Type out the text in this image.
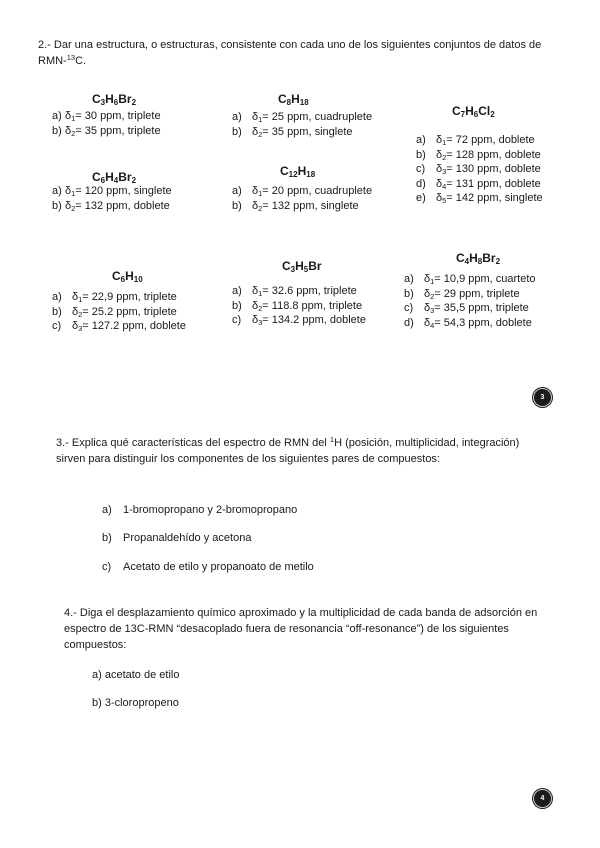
2.- Dar una estructura, o estructuras, consistente con cada uno de los siguientes conjuntos de datos de
RMN-$^{13}$C.
$C_3H_6Br_2$
a) $\delta_1= 30$ ppm, triplete
b) $\delta_2= 35$ ppm, triplete
$C_8H_{18}$
a) $\delta_1= 25$ ppm, cuadruplete
b) $\delta_2= 35$ ppm, singlete
$C_7H_6Cl_2$
a) $\delta_1= 72$ ppm, doblete
b) $\delta_2= 128$ ppm, doblete
c) $\delta_3= 130$ ppm, doblete
d) $\delta_4= 131$ ppm, doblete
e) $\delta_5= 142$ ppm, singlete
$C_6H_4Br_2$
a) $\delta_1= 120$ ppm, singlete
b) $\delta_2= 132$ ppm, doblete
$C_{12}H_{18}$
a) $\delta_1= 20$ ppm, cuadruplete
b) $\delta_2= 132$ ppm, singlete
$C_6H_{10}$
a) $\delta_1= 22,9$ ppm, triplete
b) $\delta_2= 25.2$ ppm, triplete
c) $\delta_3= 127.2$ ppm, doblete
$C_3H_5Br$
a) $\delta_1= 32.6$ ppm, triplete
b) $\delta_2= 118.8$ ppm, triplete
c) $\delta_3= 134.2$ ppm, doblete
$C_4H_8Br_2$
a) $\delta_1= 10,9$ ppm, cuarteto
b) $\delta_2= 29$ ppm, triplete
c) $\delta_3= 35,5$ ppm, triplete
d) $\delta_4= 54,3$ ppm, doblete
3
3.- Explica qué características del espectro de RMN del $^1$H (posición, multiplicidad, integración)
sirven para distinguir los componentes de los siguientes pares de compuestos:
a) 1-bromopropano y 2-bromopropano
b) Propanaldehído y acetona
c) Acetato de etilo y propanoato de metilo
4.- Diga el desplazamiento químico aproximado y la multiplicidad de cada banda de adsorción en
espectro de 13C-RMN “desacoplado fuera de resonancia “off-resonance”) de los siguientes
compuestos:
a) acetato de etilo
b) 3-cloropropeno
4
